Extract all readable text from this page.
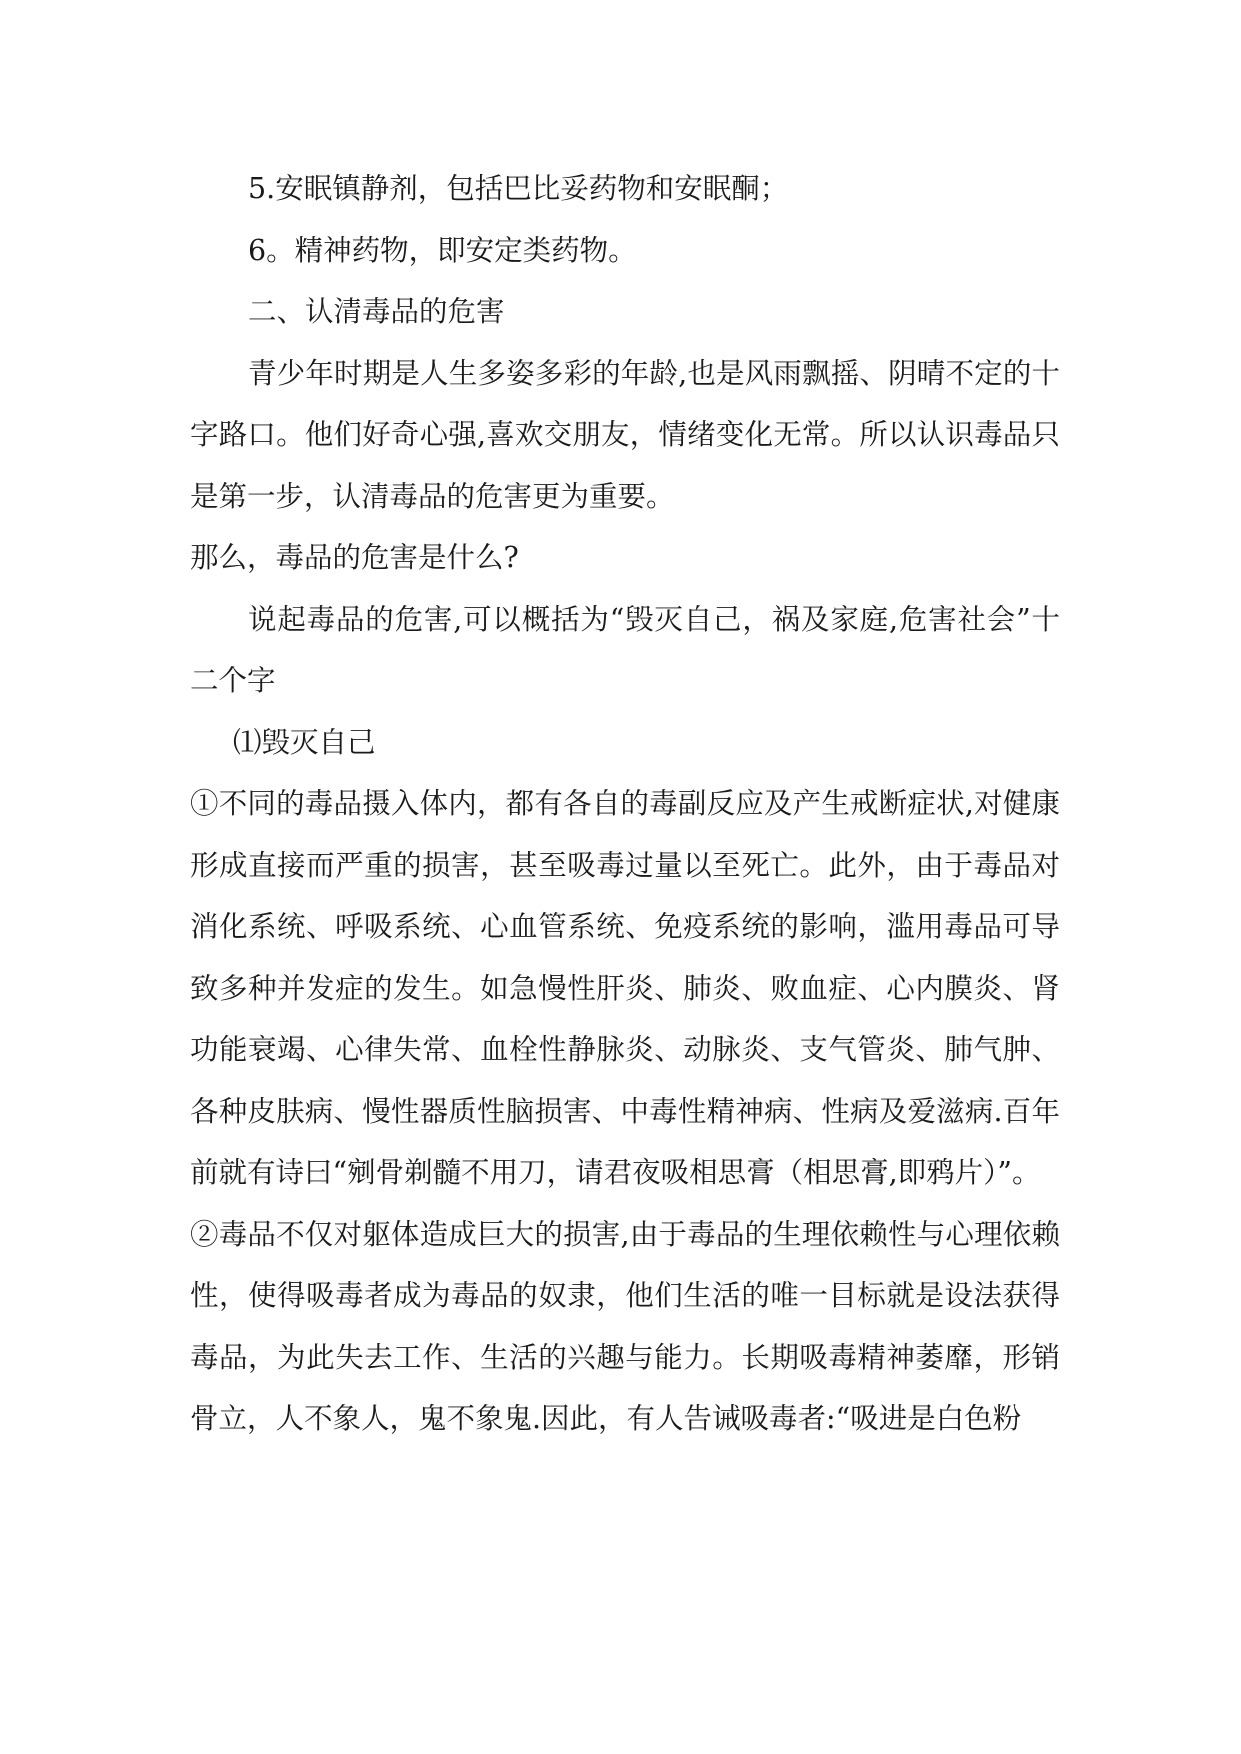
5.安眠镇静剂，包括巴比妥药物和安眠酮；

6。精神药物，即安定类药物。

二、认清毒品的危害

青少年时期是人生多姿多彩的年龄,也是风雨飘摇、阴晴不定的十字路口。他们好奇心强,喜欢交朋友，情绪变化无常。所以认识毒品只是第一步，认清毒品的危害更为重要。

那么，毒品的危害是什么?

说起毒品的危害,可以概括为“毁灭自己，祸及家庭,危害社会”十二个字

⑴毁灭自己

①不同的毒品摄入体内，都有各自的毒副反应及产生戒断症状,对健康形成直接而严重的损害，甚至吸毒过量以至死亡。此外，由于毒品对消化系统、呼吸系统、心血管系统、免疫系统的影响，滥用毒品可导致多种并发症的发生。如急慢性肝炎、肺炎、败血症、心内膜炎、肾功能衰竭、心律失常、血栓性静脉炎、动脉炎、支气管炎、肺气肿、各种皮肤病、慢性器质性脑损害、中毒性精神病、性病及爱滋病.百年前就有诗曰“剜骨剃髓不用刀，请君夜吸相思膏（相思膏,即鸦片）”。

②毒品不仅对躯体造成巨大的损害,由于毒品的生理依赖性与心理依赖性，使得吸毒者成为毒品的奴隶，他们生活的唯一目标就是设法获得毒品，为此失去工作、生活的兴趣与能力。长期吸毒精神萎靡，形销骨立，人不象人，鬼不象鬼.因此，有人告诫吸毒者:“吸进是白色粉
